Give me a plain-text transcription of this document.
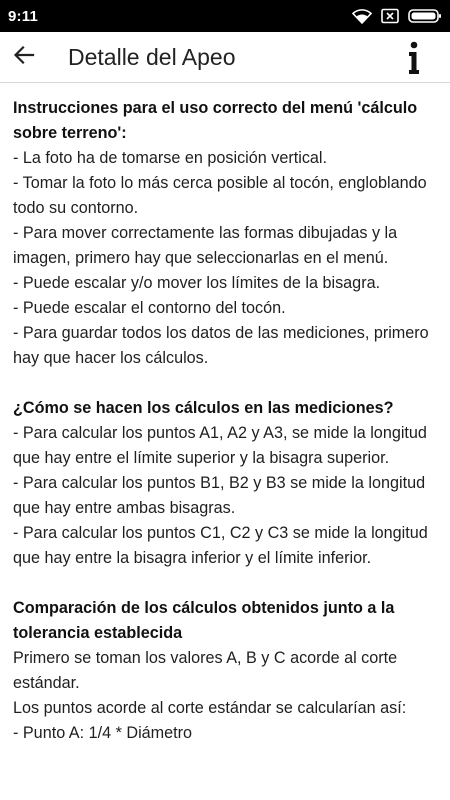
9:11
Detalle del Apeo
Instrucciones para el uso correcto del menú 'cálculo sobre terreno':
- La foto ha de tomarse en posición vertical.
- Tomar la foto lo más cerca posible al tocón, engloblando todo su contorno.
- Para mover correctamente las formas dibujadas y la imagen, primero hay que seleccionarlas en el menú.
- Puede escalar y/o mover los límites de la bisagra.
- Puede escalar el contorno del tocón.
- Para guardar todos los datos de las mediciones, primero hay que hacer los cálculos.
¿Cómo se hacen los cálculos en las mediciones?
- Para calcular los puntos A1, A2 y A3, se mide la longitud que hay entre el límite superior y la bisagra superior.
- Para calcular los puntos B1, B2 y B3 se mide la longitud que hay entre ambas bisagras.
- Para calcular los puntos C1, C2 y C3 se mide la longitud que hay entre la bisagra inferior y el límite inferior.
Comparación de los cálculos obtenidos junto a la tolerancia establecida
Primero se toman los valores A, B y C acorde al corte estándar.
Los puntos acorde al corte estándar se calcularían así:
- Punto A: 1/4 * Diámetro
